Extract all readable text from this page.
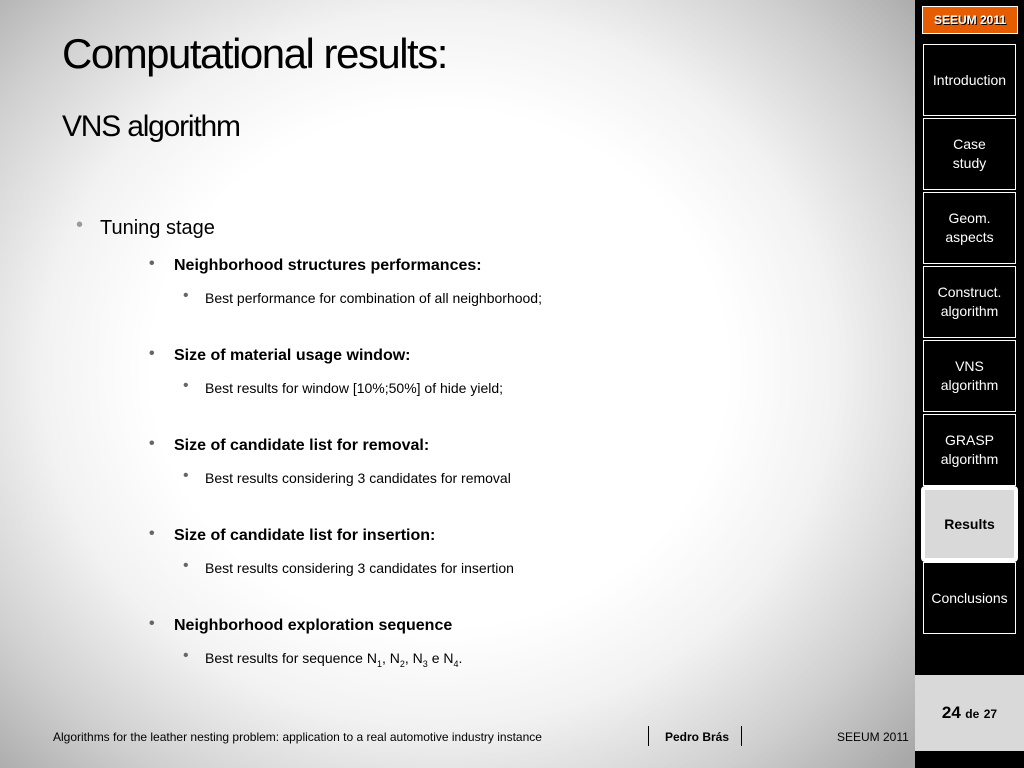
Computational results:
VNS algorithm
• Tuning stage
• Neighborhood structures performances:
• Best performance for combination of all neighborhood;
• Size of material usage window:
• Best results for window [10%;50%] of hide yield;
• Size of candidate list for removal:
• Best results considering 3 candidates for removal
• Size of candidate list for insertion:
• Best results considering 3 candidates for insertion
• Neighborhood exploration sequence
• Best results for sequence $N_1$, $N_2$, $N_3$ e $N_4$.
Algorithms for the leather nesting problem: application to a real automotive industry instance	Pedro Brás	SEEUM 2011
SEEUM 2011
Introduction
Case
study
Geom.
aspects
Construct.
algorithm
VNS
algorithm
GRASP
algorithm
Results
Conclusions
24 de 27
